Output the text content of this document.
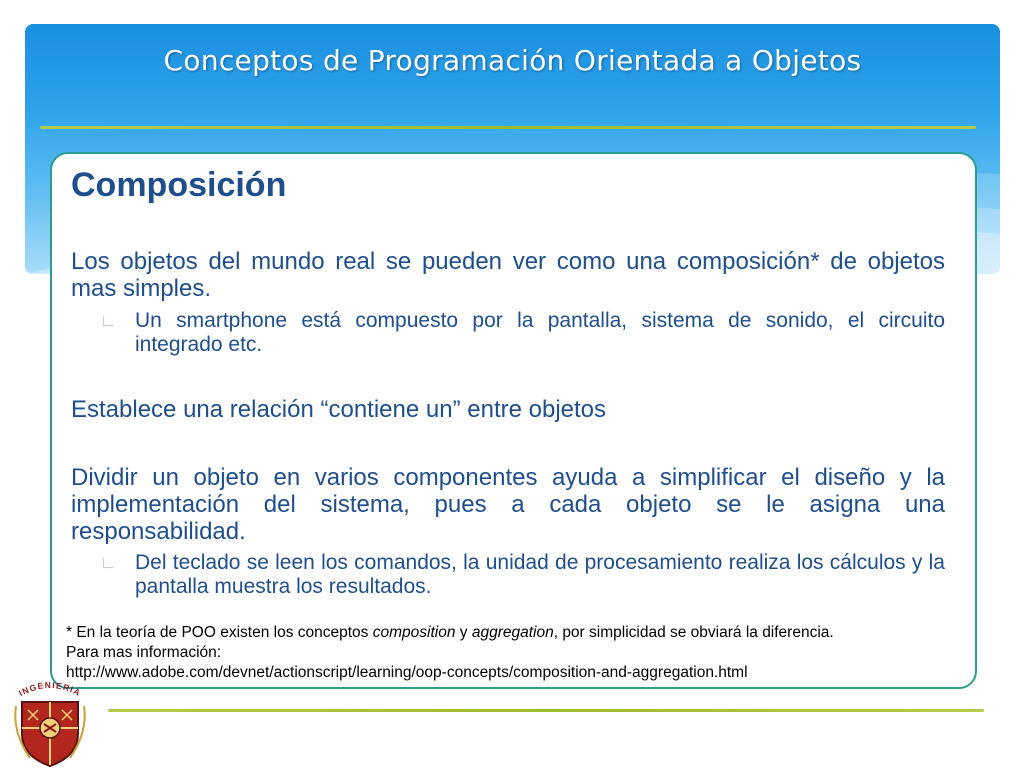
Conceptos de Programación Orientada a Objetos
Composición
Los objetos del mundo real se pueden ver como una composición* de objetos mas simples.
Un smartphone está compuesto por la pantalla, sistema de sonido, el circuito integrado etc.
Establece una relación “contiene un” entre objetos
Dividir un objeto en varios componentes ayuda a simplificar el diseño y la implementación del sistema, pues a cada objeto se le asigna una responsabilidad.
Del teclado se leen los comandos, la unidad de procesamiento realiza los cálculos y la pantalla muestra los resultados.
* En la teoría de POO existen los conceptos composition y aggregation, por simplicidad se obviará la diferencia.
Para mas información:
http://www.adobe.com/devnet/actionscript/learning/oop-concepts/composition-and-aggregation.html
INGENIERIA
